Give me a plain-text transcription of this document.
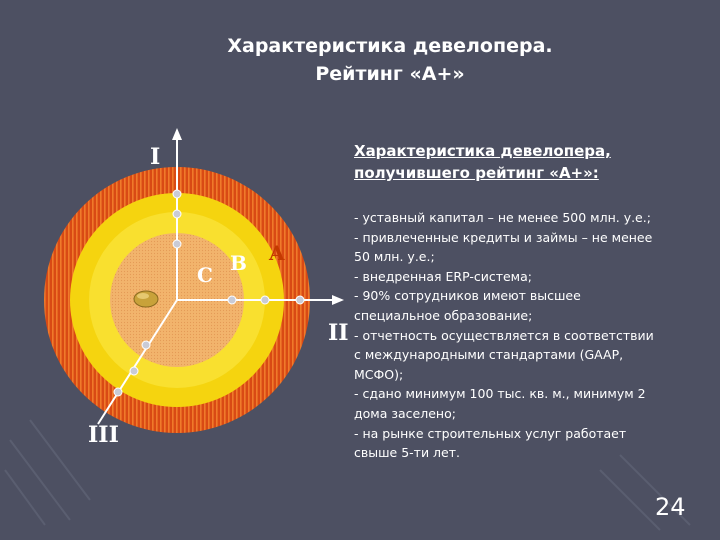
Характеристика девелопера.
Рейтинг «А+»
I
II
III
C B A
Характеристика девелопера,
получившего рейтинг «А+»:
- уставный капитал – не менее 500 млн. у.е.;
- привлеченные кредиты и займы – не менее
50 млн. у.е.;
- внедренная ERP-система;
- 90% сотрудников имеют высшее
специальное образование;
- отчетность осуществляется в соответствии
с международными стандартами (GAAP,
МСФО);
- сдано минимум 100 тыс. кв. м., минимум 2
дома заселено;
- на рынке строительных услуг работает
свыше 5-ти лет.
24
